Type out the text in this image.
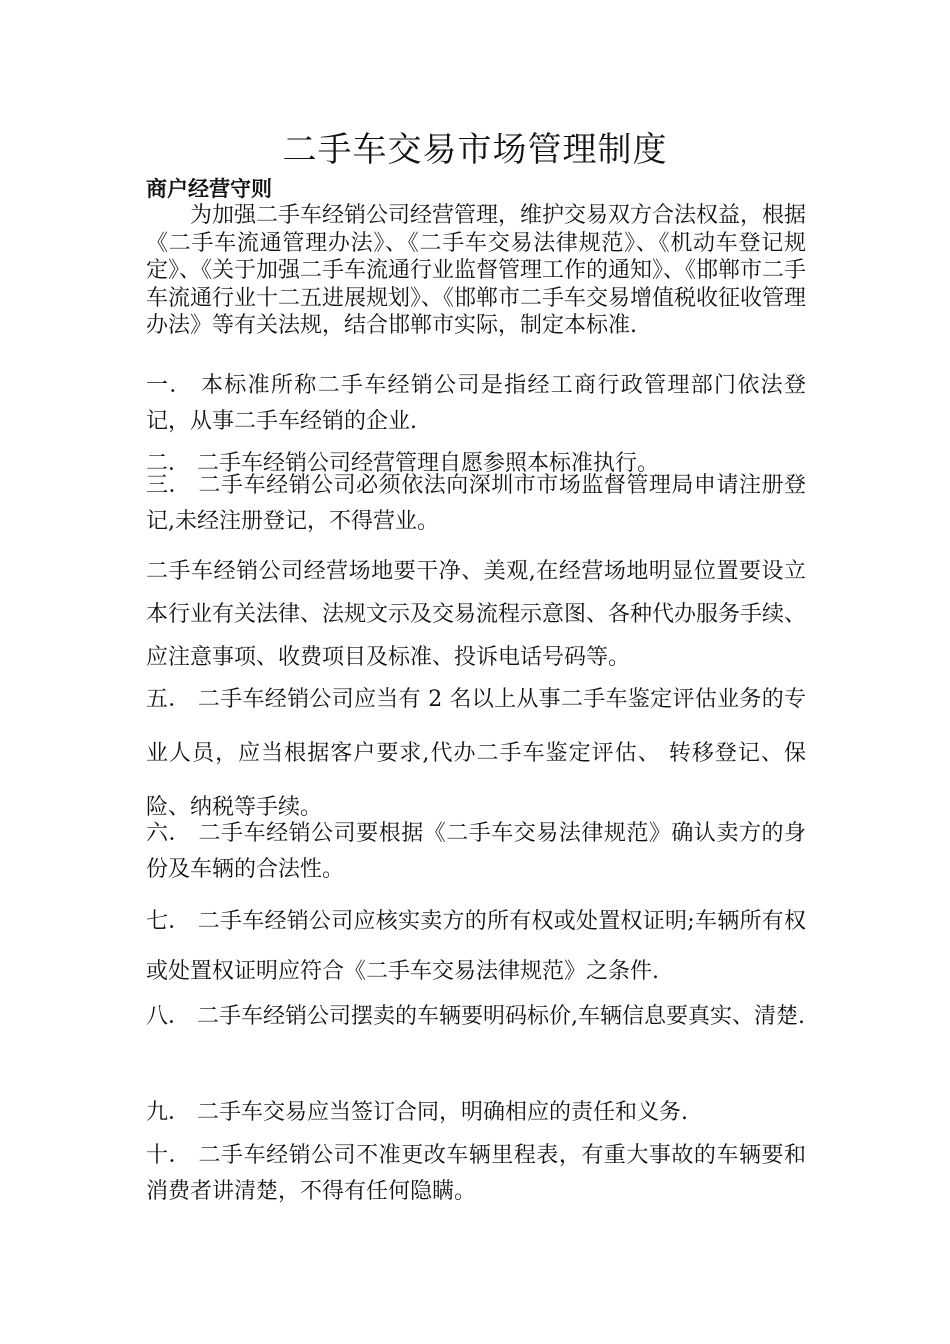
二手车交易市场管理制度
商户经营守则

为加强二手车经销公司经营管理，维护交易双方合法权益，根据《二手车流通管理办法》、《二手车交易法律规范》、《机动车登记规定》、《关于加强二手车流通行业监督管理工作的通知》、《邯郸市二手车流通行业十二五进展规划》、《邯郸市二手车交易增值税收征收管理办法》等有关法规，结合邯郸市实际，制定本标准.

一． 本标准所称二手车经销公司是指经工商行政管理部门依法登记，从事二手车经销的企业.

二． 二手车经销公司经营管理自愿参照本标准执行。

三． 二手车经销公司必须依法向深圳市市场监督管理局申请注册登记,未经注册登记，不得营业。

二手车经销公司经营场地要干净、美观,在经营场地明显位置要设立本行业有关法律、法规文示及交易流程示意图、各种代办服务手续、应注意事项、收费项目及标准、投诉电话号码等。

五． 二手车经销公司应当有 2 名以上从事二手车鉴定评估业务的专业人员，应当根据客户要求,代办二手车鉴定评估、 转移登记、保险、纳税等手续。

六． 二手车经销公司要根据《二手车交易法律规范》确认卖方的身份及车辆的合法性。

七． 二手车经销公司应核实卖方的所有权或处置权证明;车辆所有权或处置权证明应符合《二手车交易法律规范》之条件.

八． 二手车经销公司摆卖的车辆要明码标价,车辆信息要真实、清楚.

九． 二手车交易应当签订合同，明确相应的责任和义务.

十． 二手车经销公司不准更改车辆里程表，有重大事故的车辆要和消费者讲清楚，不得有任何隐瞒。
